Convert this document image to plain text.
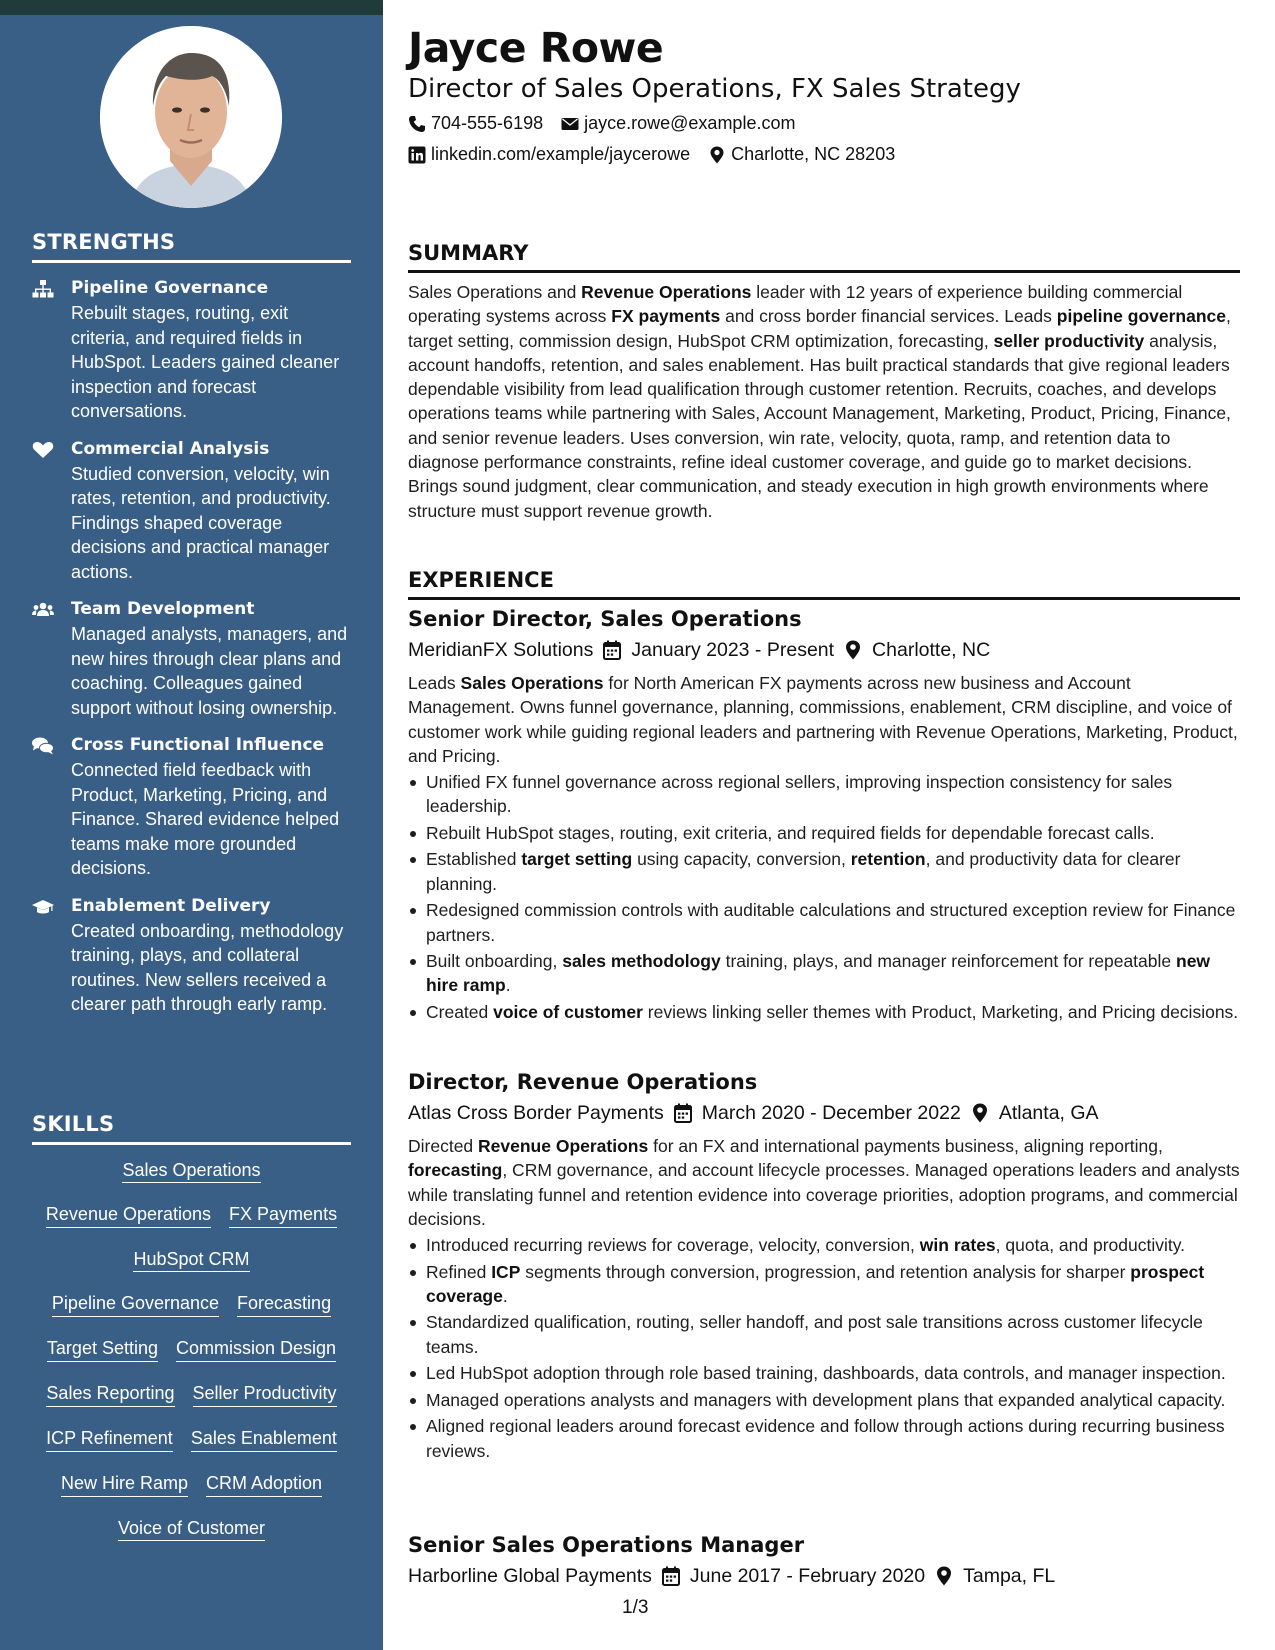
STRENGTHS
Pipeline Governance
Rebuilt stages, routing, exit criteria, and required fields in HubSpot. Leaders gained cleaner inspection and forecast conversations.
Commercial Analysis
Studied conversion, velocity, win rates, retention, and productivity. Findings shaped coverage decisions and practical manager actions.
Team Development
Managed analysts, managers, and new hires through clear plans and coaching. Colleagues gained support without losing ownership.
Cross Functional Influence
Connected field feedback with Product, Marketing, Pricing, and Finance. Shared evidence helped teams make more grounded decisions.
Enablement Delivery
Created onboarding, methodology training, plays, and collateral routines. New sellers received a clearer path through early ramp.
SKILLS
Sales Operations
Revenue Operations FX Payments
HubSpot CRM
Pipeline Governance Forecasting
Target Setting Commission Design
Sales Reporting Seller Productivity
ICP Refinement Sales Enablement
New Hire Ramp CRM Adoption
Voice of Customer
Jayce Rowe
Director of Sales Operations, FX Sales Strategy
704-555-6198 jayce.rowe@example.com
linkedin.com/example/jaycerowe Charlotte, NC 28203
SUMMARY
Sales Operations and Revenue Operations leader with 12 years of experience building commercial operating systems across FX payments and cross border financial services. Leads pipeline governance, target setting, commission design, HubSpot CRM optimization, forecasting, seller productivity analysis, account handoffs, retention, and sales enablement. Has built practical standards that give regional leaders dependable visibility from lead qualification through customer retention. Recruits, coaches, and develops operations teams while partnering with Sales, Account Management, Marketing, Product, Pricing, Finance, and senior revenue leaders. Uses conversion, win rate, velocity, quota, ramp, and retention data to diagnose performance constraints, refine ideal customer coverage, and guide go to market decisions. Brings sound judgment, clear communication, and steady execution in high growth environments where structure must support revenue growth.
EXPERIENCE
Senior Director, Sales Operations
MeridianFX Solutions January 2023 - Present Charlotte, NC
Leads Sales Operations for North American FX payments across new business and Account Management. Owns funnel governance, planning, commissions, enablement, CRM discipline, and voice of customer work while guiding regional leaders and partnering with Revenue Operations, Marketing, Product, and Pricing.
Unified FX funnel governance across regional sellers, improving inspection consistency for sales leadership.
Rebuilt HubSpot stages, routing, exit criteria, and required fields for dependable forecast calls.
Established target setting using capacity, conversion, retention, and productivity data for clearer planning.
Redesigned commission controls with auditable calculations and structured exception review for Finance partners.
Built onboarding, sales methodology training, plays, and manager reinforcement for repeatable new hire ramp.
Created voice of customer reviews linking seller themes with Product, Marketing, and Pricing decisions.
Director, Revenue Operations
Atlas Cross Border Payments March 2020 - December 2022 Atlanta, GA
Directed Revenue Operations for an FX and international payments business, aligning reporting, forecasting, CRM governance, and account lifecycle processes. Managed operations leaders and analysts while translating funnel and retention evidence into coverage priorities, adoption programs, and commercial decisions.
Introduced recurring reviews for coverage, velocity, conversion, win rates, quota, and productivity.
Refined ICP segments through conversion, progression, and retention analysis for sharper prospect coverage.
Standardized qualification, routing, seller handoff, and post sale transitions across customer lifecycle teams.
Led HubSpot adoption through role based training, dashboards, data controls, and manager inspection.
Managed operations analysts and managers with development plans that expanded analytical capacity.
Aligned regional leaders around forecast evidence and follow through actions during recurring business reviews.
Senior Sales Operations Manager
Harborline Global Payments June 2017 - February 2020 Tampa, FL
1/3
